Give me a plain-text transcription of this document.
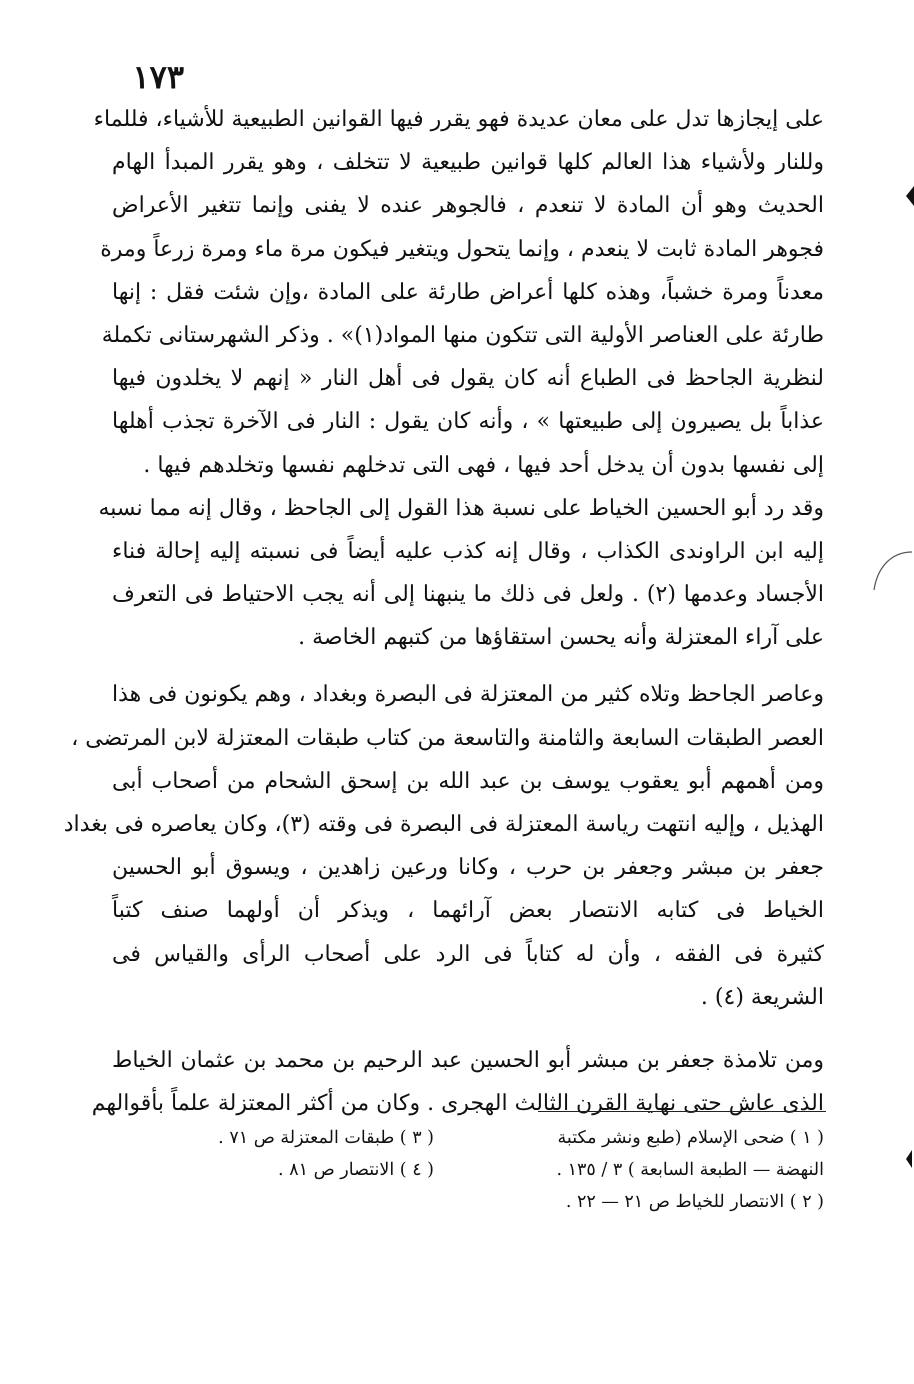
١٧٣
على إيجازها تدل على معان عديدة فهو يقرر فيها القوانين الطبيعية للأشياء، فللماء
وللنار ولأشياء هذا العالم كلها قوانين طبيعية لا تتخلف ، وهو يقرر المبدأ الهام
الحديث وهو أن المادة لا تنعدم ، فالجوهر عنده لا يفنى وإنما تتغير الأعراض
فجوهر المادة ثابت لا ينعدم ، وإنما يتحول ويتغير فيكون مرة ماء ومرة زرعاً ومرة
معدناً ومرة خشباً، وهذه كلها أعراض طارئة على المادة ،وإن شئت فقل : إنها
طارئة على العناصر الأولية التى تتكون منها المواد(١)» . وذكر الشهرستانى تكملة
لنظرية الجاحظ فى الطباع أنه كان يقول فى أهل النار « إنهم لا يخلدون فيها
عذاباً بل يصيرون إلى طبيعتها » ، وأنه كان يقول : النار فى الآخرة تجذب أهلها
إلى نفسها بدون أن يدخل أحد فيها ، فهى التى تدخلهم نفسها وتخلدهم فيها .
وقد رد أبو الحسين الخياط على نسبة هذا القول إلى الجاحظ ، وقال إنه مما نسبه
إليه ابن الراوندى الكذاب ، وقال إنه كذب عليه أيضاً فى نسبته إليه إحالة فناء
الأجساد وعدمها (٢) . ولعل فى ذلك ما ينبهنا إلى أنه يجب الاحتياط فى التعرف
على آراء المعتزلة وأنه يحسن استقاؤها من كتبهم الخاصة .
وعاصر الجاحظ وتلاه كثير من المعتزلة فى البصرة وبغداد ، وهم يكونون فى هذا
العصر الطبقات السابعة والثامنة والتاسعة من كتاب طبقات المعتزلة لابن المرتضى ،
ومن أهمهم أبو يعقوب يوسف بن عبد الله بن إسحق الشحام من أصحاب أبى
الهذيل ، وإليه انتهت رياسة المعتزلة فى البصرة فى وقته (٣)، وكان يعاصره فى بغداد
جعفر بن مبشر وجعفر بن حرب ، وكانا ورعين زاهدين ، ويسوق أبو الحسين
الخياط فى كتابه الانتصار بعض آرائهما ، ويذكر أن أولهما صنف كتباً
كثيرة فى الفقه ، وأن له كتاباً فى الرد على أصحاب الرأى والقياس فى
الشريعة (٤) .
ومن تلامذة جعفر بن مبشر أبو الحسين عبد الرحيم بن محمد بن عثمان الخياط
الذى عاش حتى نهاية القرن الثالث الهجرى . وكان من أكثر المعتزلة علماً بأقوالهم
( ١ ) ضحى الإسلام (طبع ونشر مكتبة
( ٣ ) طبقات المعتزلة ص ٧١ .
النهضة — الطبعة السابعة ) ٣ / ١٣٥ .
( ٤ ) الانتصار ص ٨١ .
( ٢ ) الانتصار للخياط ص ٢١ — ٢٢ .
